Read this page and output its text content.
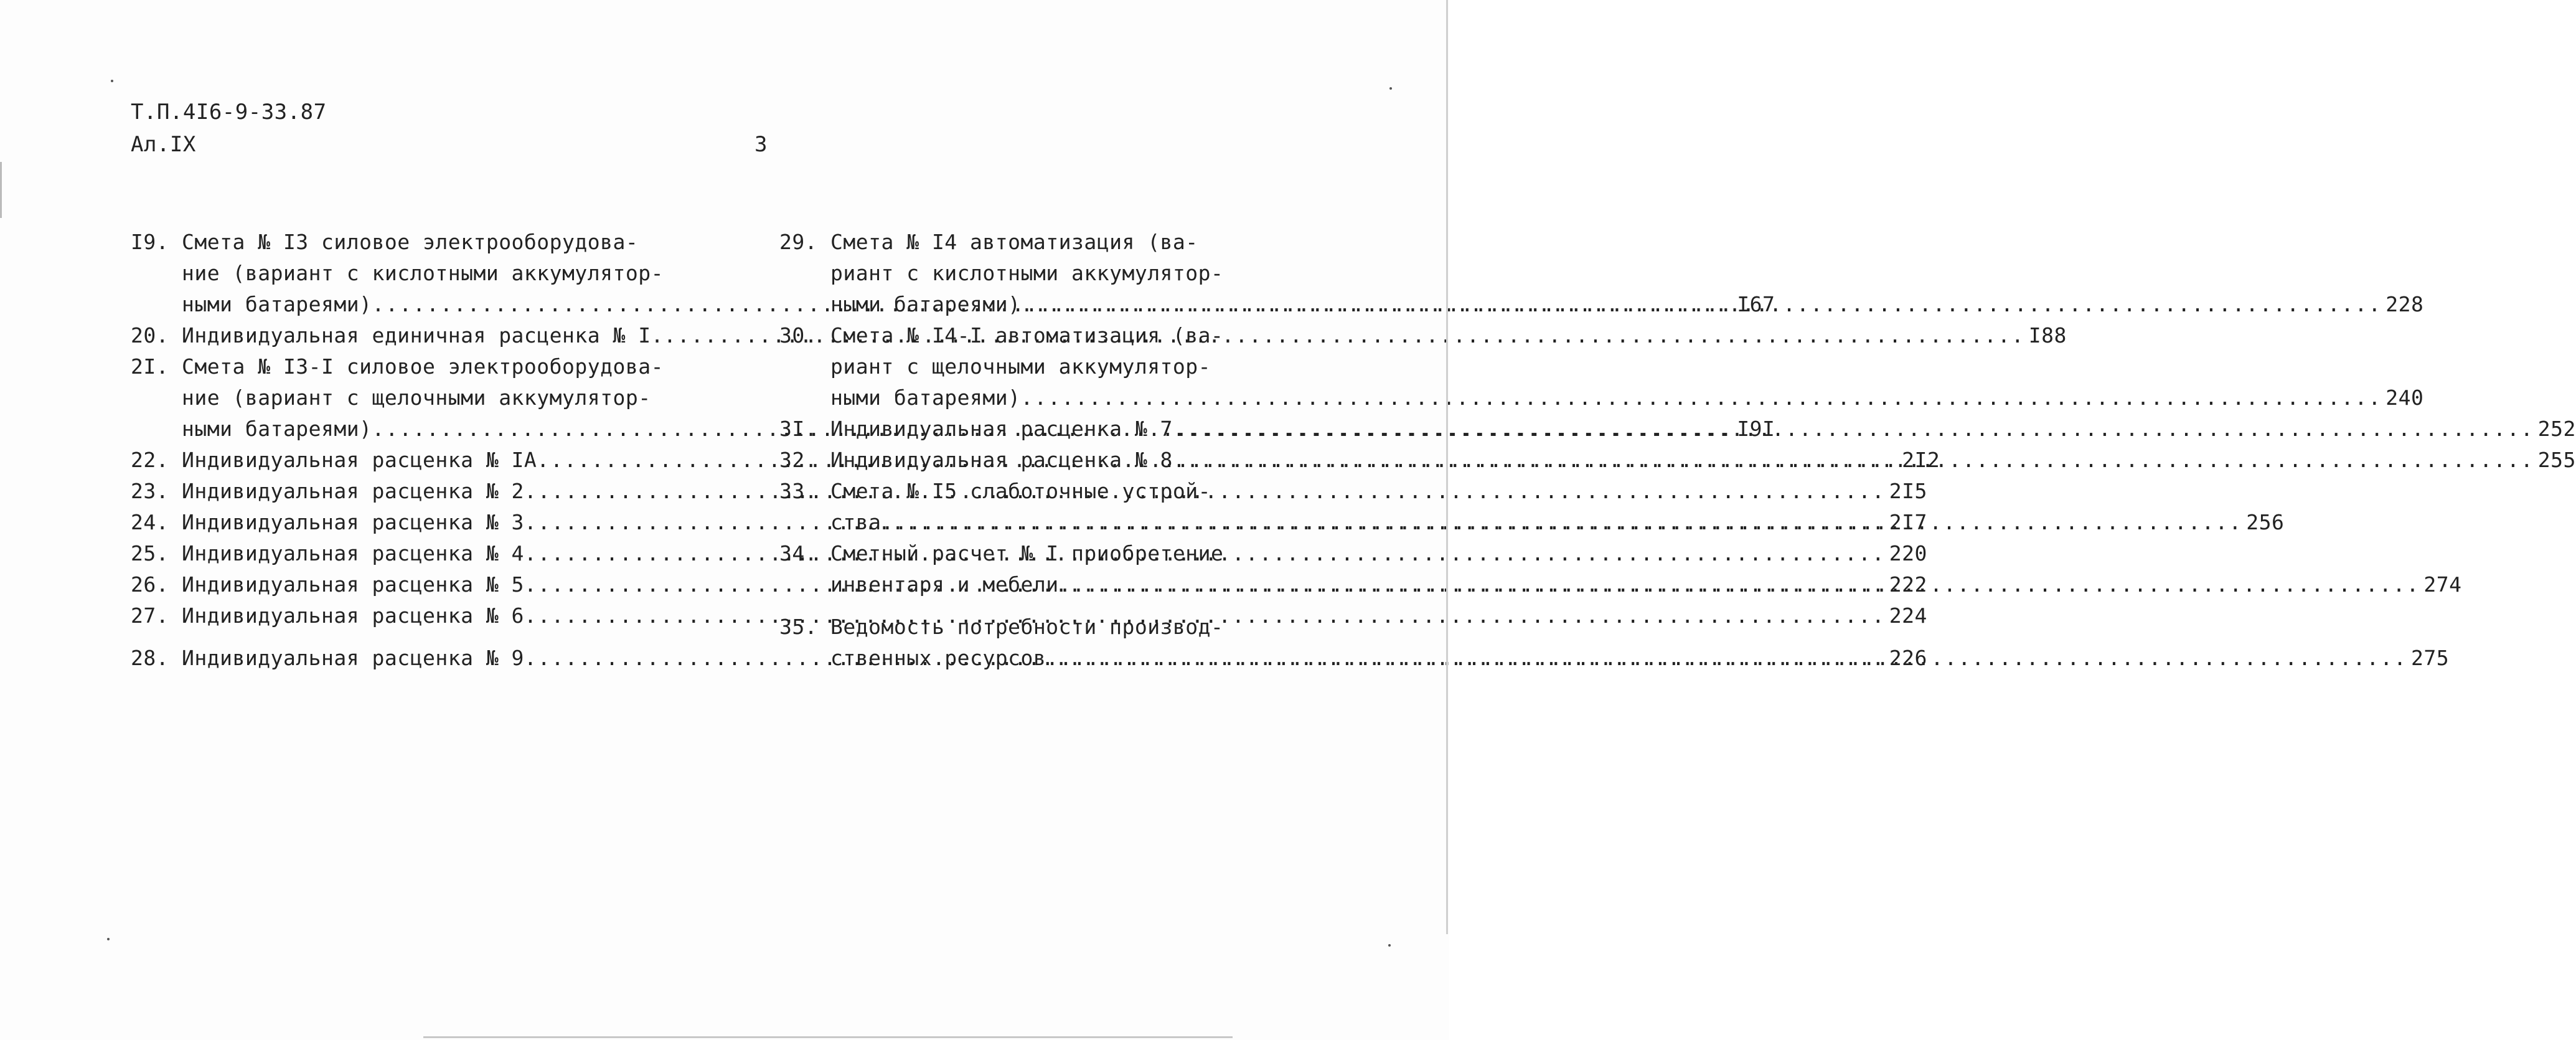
Т.П.4I6-9-33.87
Ал.IX	3
I9. Смета № I3 силовое электрооборудова-
ние (вариант с кислотными аккумулятор-
ными батареями) .....	I67
20. Индивидуальная единичная расценка № I. .....	I88
2I. Смета № I3-I силовое электрооборудова-
ние (вариант с щелочными аккумулятор-
ными батареями) .....	I9I
22. Индивидуальная расценка № IА .....	2I2
23. Индивидуальная расценка № 2 .....	2I5
24. Индивидуальная расценка № 3 .....	2I7
25. Индивидуальная расценка № 4 .....	220
26. Индивидуальная расценка № 5 .....	222
27. Индивидуальная расценка № 6 .....	224
28. Индивидуальная расценка № 9 .....	226
29. Смета № I4 автоматизация (ва-
риант с кислотными аккумулятор-
ными батареями) .....	228
30. Смета № I4-I автоматизация (ва-
риант с щелочными аккумулятор-
ными батареями) .....	240
3I. Индивидуальная расценка № 7 .....	252
32. Индивидуальная расценка № 8 .....	255
33. Смета № I5 слаботочные устрой-
ства .....	256
34. Сметный расчет № I приобретение
инвентаря и мебели .....	274
35. Ведомость потребности производ-
ственных ресурсов .....	275
